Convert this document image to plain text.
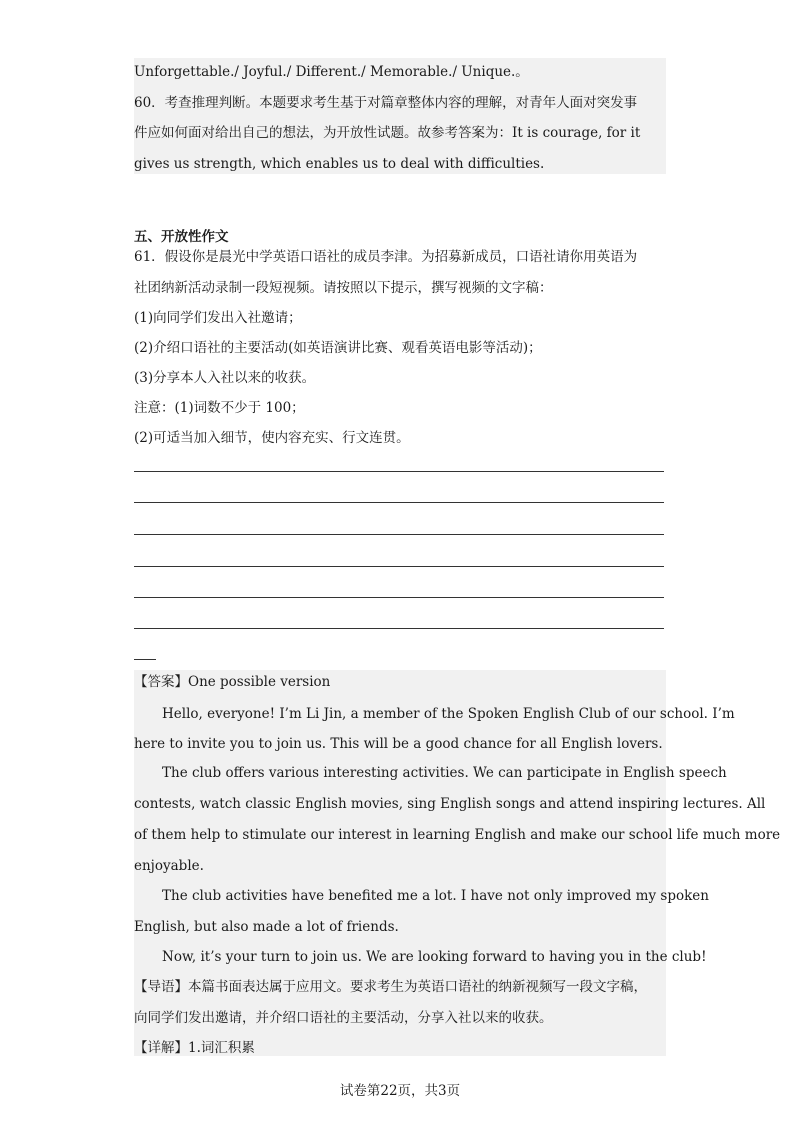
Unforgettable./ Joyful./ Different./ Memorable./ Unique.。
60．考查推理判断。本题要求考生基于对篇章整体内容的理解，对青年人面对突发事
件应如何面对给出自己的想法，为开放性试题。故参考答案为：It is courage, for it
gives us strength, which enables us to deal with difficulties.
五、开放性作文
61．假设你是晨光中学英语口语社的成员李津。为招募新成员，口语社请你用英语为
社团纳新活动录制一段短视频。请按照以下提示，撰写视频的文字稿：
(1)向同学们发出入社邀请；
(2)介绍口语社的主要活动(如英语演讲比赛、观看英语电影等活动)；
(3)分享本人入社以来的收获。
注意：(1)词数不少于 100；
(2)可适当加入细节，使内容充实、行文连贯。
【答案】One possible version
Hello, everyone! I’m Li Jin, a member of the Spoken English Club of our school. I’m
here to invite you to join us. This will be a good chance for all English lovers.
The club offers various interesting activities. We can participate in English speech
contests, watch classic English movies, sing English songs and attend inspiring lectures. All
of them help to stimulate our interest in learning English and make our school life much more
enjoyable.
The club activities have benefited me a lot. I have not only improved my spoken
English, but also made a lot of friends.
Now, it’s your turn to join us. We are looking forward to having you in the club!
【导语】本篇书面表达属于应用文。要求考生为英语口语社的纳新视频写一段文字稿，
向同学们发出邀请，并介绍口语社的主要活动，分享入社以来的收获。
【详解】1.词汇积累
试卷第22页，共3页
